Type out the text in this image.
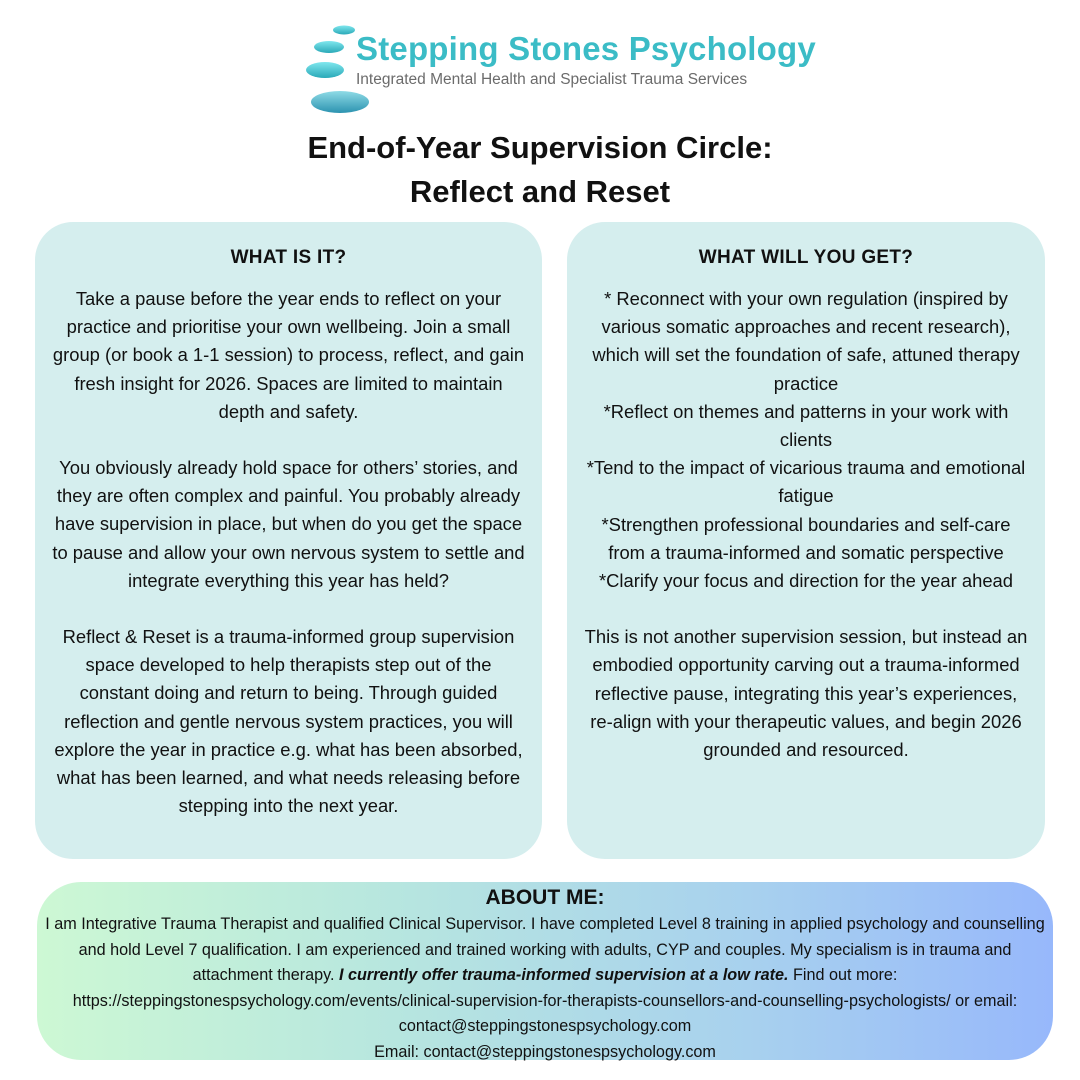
Stepping Stones Psychology
Integrated Mental Health and Specialist Trauma Services
End-of-Year Supervision Circle:
Reflect and Reset
WHAT IS IT?

Take a pause before the year ends to reflect on your practice and prioritise your own wellbeing. Join a small group (or book a 1-1 session) to process, reflect, and gain fresh insight for 2026. Spaces are limited to maintain depth and safety.

You obviously already hold space for others’ stories, and they are often complex and painful. You probably already have supervision in place, but when do you get the space to pause and allow your own nervous system to settle and integrate everything this year has held?

Reflect & Reset is a trauma-informed group supervision space developed to help therapists step out of the constant doing and return to being. Through guided reflection and gentle nervous system practices, you will explore the year in practice e.g. what has been absorbed, what has been learned, and what needs releasing before stepping into the next year.

WHAT WILL YOU GET?

* Reconnect with your own regulation (inspired by various somatic approaches and recent research), which will set the foundation of safe, attuned therapy practice

*Reflect on themes and patterns in your work with clients

*Tend to the impact of vicarious trauma and emotional fatigue

*Strengthen professional boundaries and self-care from a trauma-informed and somatic perspective

*Clarify your focus and direction for the year ahead

This is not another supervision session, but instead an embodied opportunity carving out a trauma-informed reflective pause, integrating this year’s experiences, re-align with your therapeutic values, and begin 2026 grounded and resourced.

ABOUT ME:
I am Integrative Trauma Therapist and qualified Clinical Supervisor. I have completed Level 8 training in applied psychology and counselling and hold Level 7 qualification. I am experienced and trained working with adults, CYP and couples. My specialism is in trauma and attachment therapy. I currently offer trauma-informed supervision at a low rate. Find out more: https://steppingstonespsychology.com/events/clinical-supervision-for-therapists-counsellors-and-counselling-psychologists/ or email: contact@steppingstonespsychology.com
Email: contact@steppingstonespsychology.com
